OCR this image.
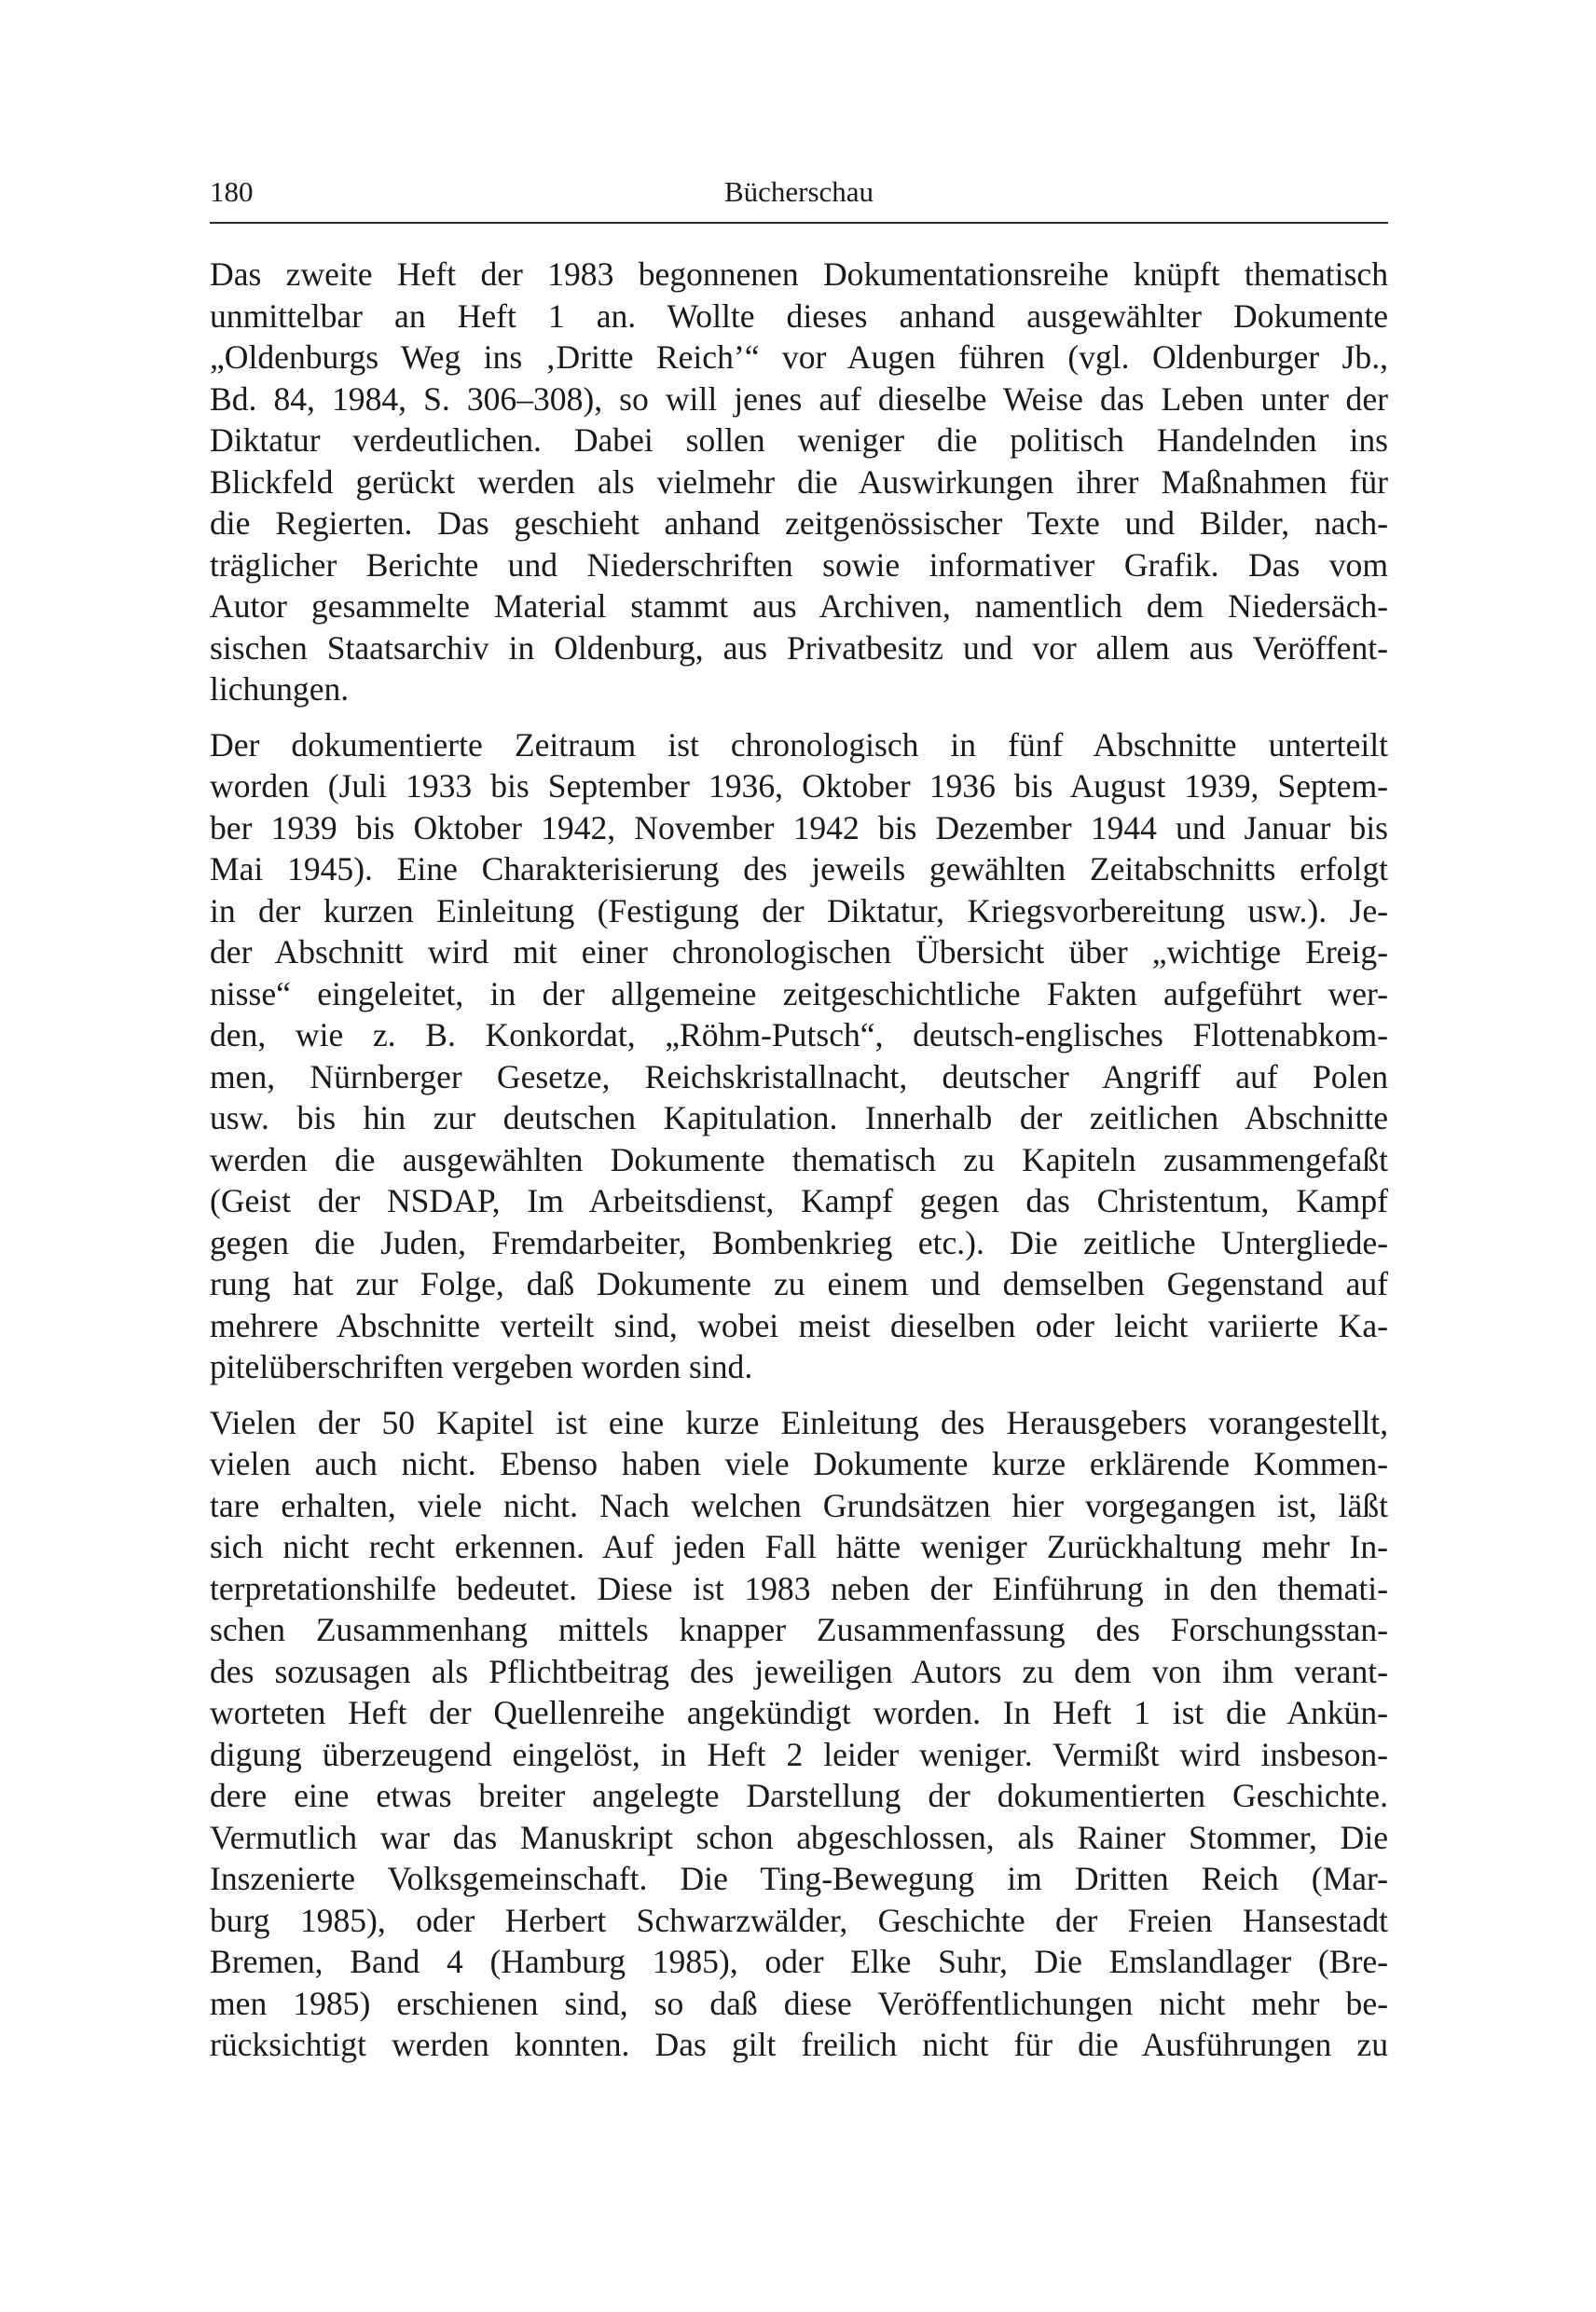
180	Bücherschau
Das zweite Heft der 1983 begonnenen Dokumentationsreihe knüpft thematisch
unmittelbar an Heft 1 an. Wollte dieses anhand ausgewählter Dokumente
„Oldenburgs Weg ins ‚Dritte Reich’“ vor Augen führen (vgl. Oldenburger Jb.,
Bd. 84, 1984, S. 306–308), so will jenes auf dieselbe Weise das Leben unter der
Diktatur verdeutlichen. Dabei sollen weniger die politisch Handelnden ins
Blickfeld gerückt werden als vielmehr die Auswirkungen ihrer Maßnahmen für
die Regierten. Das geschieht anhand zeitgenössischer Texte und Bilder, nach-
träglicher Berichte und Niederschriften sowie informativer Grafik. Das vom
Autor gesammelte Material stammt aus Archiven, namentlich dem Niedersäch-
sischen Staatsarchiv in Oldenburg, aus Privatbesitz und vor allem aus Veröffent-
lichungen.
Der dokumentierte Zeitraum ist chronologisch in fünf Abschnitte unterteilt
worden (Juli 1933 bis September 1936, Oktober 1936 bis August 1939, Septem-
ber 1939 bis Oktober 1942, November 1942 bis Dezember 1944 und Januar bis
Mai 1945). Eine Charakterisierung des jeweils gewählten Zeitabschnitts erfolgt
in der kurzen Einleitung (Festigung der Diktatur, Kriegsvorbereitung usw.). Je-
der Abschnitt wird mit einer chronologischen Übersicht über „wichtige Ereig-
nisse“ eingeleitet, in der allgemeine zeitgeschichtliche Fakten aufgeführt wer-
den, wie z. B. Konkordat, „Röhm-Putsch“, deutsch-englisches Flottenabkom-
men, Nürnberger Gesetze, Reichskristallnacht, deutscher Angriff auf Polen
usw. bis hin zur deutschen Kapitulation. Innerhalb der zeitlichen Abschnitte
werden die ausgewählten Dokumente thematisch zu Kapiteln zusammengefaßt
(Geist der NSDAP, Im Arbeitsdienst, Kampf gegen das Christentum, Kampf
gegen die Juden, Fremdarbeiter, Bombenkrieg etc.). Die zeitliche Untergliede-
rung hat zur Folge, daß Dokumente zu einem und demselben Gegenstand auf
mehrere Abschnitte verteilt sind, wobei meist dieselben oder leicht variierte Ka-
pitelüberschriften vergeben worden sind.
Vielen der 50 Kapitel ist eine kurze Einleitung des Herausgebers vorangestellt,
vielen auch nicht. Ebenso haben viele Dokumente kurze erklärende Kommen-
tare erhalten, viele nicht. Nach welchen Grundsätzen hier vorgegangen ist, läßt
sich nicht recht erkennen. Auf jeden Fall hätte weniger Zurückhaltung mehr In-
terpretationshilfe bedeutet. Diese ist 1983 neben der Einführung in den themati-
schen Zusammenhang mittels knapper Zusammenfassung des Forschungsstan-
des sozusagen als Pflichtbeitrag des jeweiligen Autors zu dem von ihm verant-
worteten Heft der Quellenreihe angekündigt worden. In Heft 1 ist die Ankün-
digung überzeugend eingelöst, in Heft 2 leider weniger. Vermißt wird insbeson-
dere eine etwas breiter angelegte Darstellung der dokumentierten Geschichte.
Vermutlich war das Manuskript schon abgeschlossen, als Rainer Stommer, Die
Inszenierte Volksgemeinschaft. Die Ting-Bewegung im Dritten Reich (Mar-
burg 1985), oder Herbert Schwarzwälder, Geschichte der Freien Hansestadt
Bremen, Band 4 (Hamburg 1985), oder Elke Suhr, Die Emslandlager (Bre-
men 1985) erschienen sind, so daß diese Veröffentlichungen nicht mehr be-
rücksichtigt werden konnten. Das gilt freilich nicht für die Ausführungen zu
